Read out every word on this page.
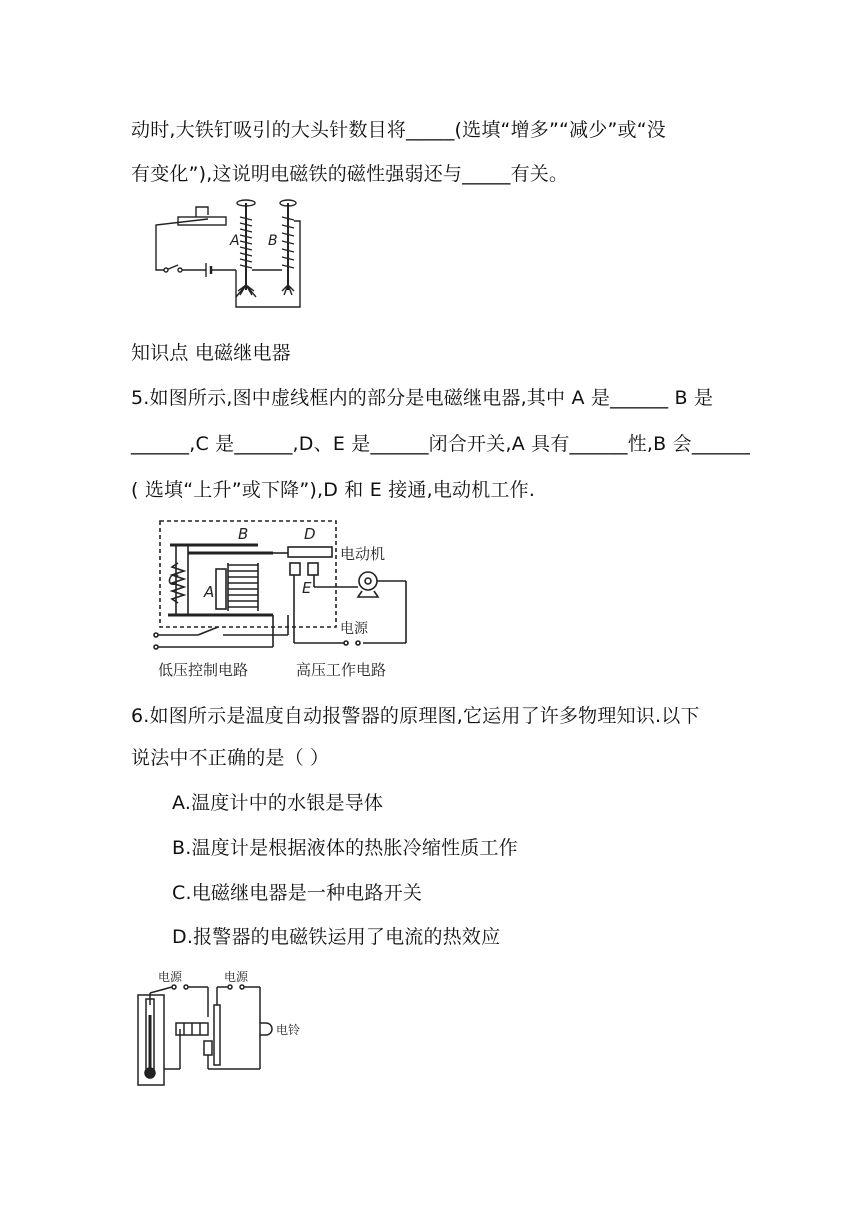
动时,大铁钉吸引的大头针数目将_____(选填“增多”“减少”或“没
有变化”),这说明电磁铁的磁性强弱还与_____有关。
A B
知识点 电磁继电器
5.如图所示,图中虚线框内的部分是电磁继电器,其中 A 是______ B 是
______,C 是______,D、E 是______闭合开关,A 具有______性,B 会______
( 选填“上升”或下降”),D 和 E 接通,电动机工作.
B	D
C
A	E
电动机
电源
低压控制电路	高压工作电路
6.如图所示是温度自动报警器的原理图,它运用了许多物理知识.以下
说法中不正确的是（ ）
A.温度计中的水银是导体
B.温度计是根据液体的热胀冷缩性质工作
C.电磁继电器是一种电路开关
D.报警器的电磁铁运用了电流的热效应
电源	电源
电铃
